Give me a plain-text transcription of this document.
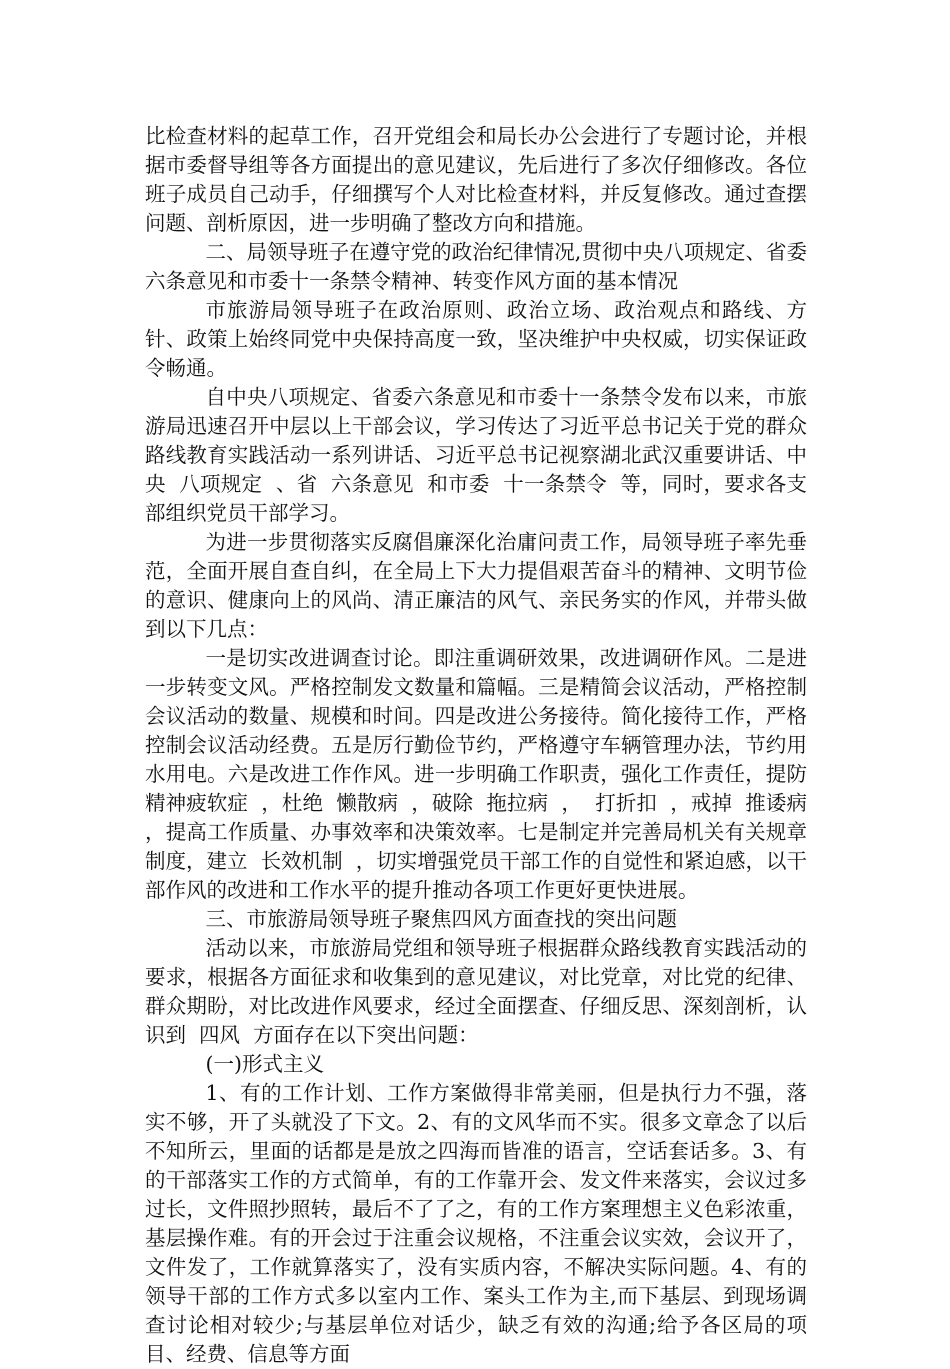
比检查材料的起草工作，召开党组会和局长办公会进行了专题讨论，并根据市委督导组等各方面提出的意见建议，先后进行了多次仔细修改。各位班子成员自己动手，仔细撰写个人对比检查材料，并反复修改。通过查摆问题、剖析原因，进一步明确了整改方向和措施。

二、局领导班子在遵守党的政治纪律情况,贯彻中央八项规定、省委六条意见和市委十一条禁令精神、转变作风方面的基本情况

市旅游局领导班子在政治原则、政治立场、政治观点和路线、方针、政策上始终同党中央保持高度一致，坚决维护中央权威，切实保证政令畅通。

自中央八项规定、省委六条意见和市委十一条禁令发布以来，市旅游局迅速召开中层以上干部会议，学习传达了习近平总书记关于党的群众路线教育实践活动一系列讲话、习近平总书记视察湖北武汉重要讲话、中央  八项规定  、省  六条意见  和市委  十一条禁令  等，同时，要求各支部组织党员干部学习。

为进一步贯彻落实反腐倡廉深化治庸问责工作，局领导班子率先垂范，全面开展自查自纠，在全局上下大力提倡艰苦奋斗的精神、文明节俭的意识、健康向上的风尚、清正廉洁的风气、亲民务实的作风，并带头做到以下几点：

一是切实改进调查讨论。即注重调研效果，改进调研作风。二是进一步转变文风。严格控制发文数量和篇幅。三是精简会议活动，严格控制会议活动的数量、规模和时间。四是改进公务接待。简化接待工作，严格控制会议活动经费。五是厉行勤俭节约，严格遵守车辆管理办法，节约用水用电。六是改进工作作风。进一步明确工作职责，强化工作责任，提防  精神疲软症  ，杜绝  懒散病  ，破除  拖拉病  ，  打折扣  ，戒掉  推诿病  ，提高工作质量、办事效率和决策效率。七是制定并完善局机关有关规章制度，建立  长效机制  ，切实增强党员干部工作的自觉性和紧迫感，以干部作风的改进和工作水平的提升推动各项工作更好更快进展。

三、市旅游局领导班子聚焦四风方面查找的突出问题

活动以来，市旅游局党组和领导班子根据群众路线教育实践活动的要求，根据各方面征求和收集到的意见建议，对比党章，对比党的纪律、群众期盼，对比改进作风要求，经过全面摆查、仔细反思、深刻剖析，认识到  四风  方面存在以下突出问题：

(一)形式主义

1、有的工作计划、工作方案做得非常美丽，但是执行力不强，落实不够，开了头就没了下文。2、有的文风华而不实。很多文章念了以后不知所云，里面的话都是是放之四海而皆准的语言，空话套话多。3、有的干部落实工作的方式简单，有的工作靠开会、发文件来落实，会议过多过长，文件照抄照转，最后不了了之，有的工作方案理想主义色彩浓重，基层操作难。有的开会过于注重会议规格，不注重会议实效，会议开了，文件发了，工作就算落实了，没有实质内容，不解决实际问题。4、有的领导干部的工作方式多以室内工作、案头工作为主,而下基层、到现场调查讨论相对较少;与基层单位对话少，缺乏有效的沟通;给予各区局的项目、经费、信息等方面
